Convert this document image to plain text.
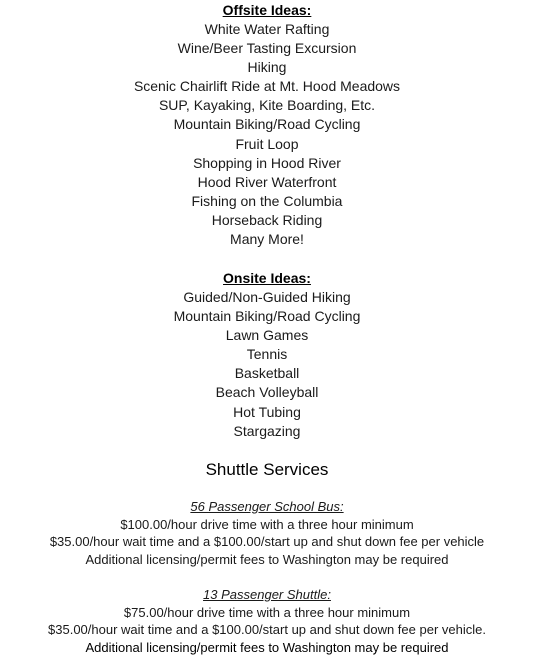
Offsite Ideas:
White Water Rafting
Wine/Beer Tasting Excursion
Hiking
Scenic Chairlift Ride at Mt. Hood Meadows
SUP, Kayaking, Kite Boarding, Etc.
Mountain Biking/Road Cycling
Fruit Loop
Shopping in Hood River
Hood River Waterfront
Fishing on the Columbia
Horseback Riding
Many More!
Onsite Ideas:
Guided/Non-Guided Hiking
Mountain Biking/Road Cycling
Lawn Games
Tennis
Basketball
Beach Volleyball
Hot Tubing
Stargazing
Shuttle Services
56 Passenger School Bus:
$100.00/hour drive time with a three hour minimum
$35.00/hour wait time and a $100.00/start up and shut down fee per vehicle
Additional licensing/permit fees to Washington may be required
13 Passenger Shuttle:
$75.00/hour drive time with a three hour minimum
$35.00/hour wait time and a $100.00/start up and shut down fee per vehicle.
Additional licensing/permit fees to Washington may be required
